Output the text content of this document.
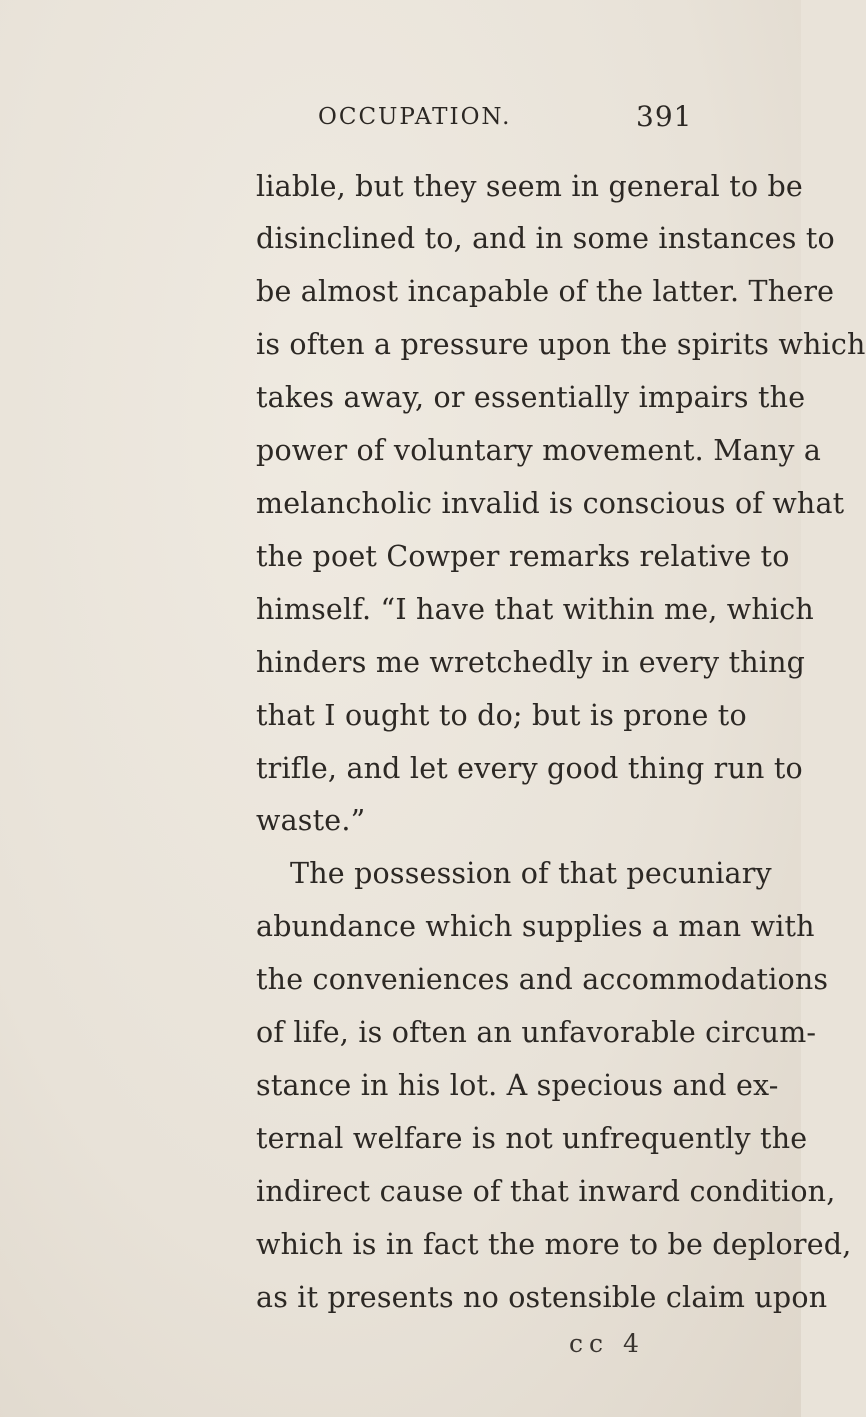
OCCUPATION.	391
liable, but they seem in general to be
disinclined to, and in some instances to
be almost incapable of the latter. There
is often a pressure upon the spirits which
takes away, or essentially impairs the
power of voluntary movement. Many a
melancholic invalid is conscious of what
the poet Cowper remarks relative to
himself. “I have that within me, which
hinders me wretchedly in every thing
that I ought to do; but is prone to
trifle, and let every good thing run to
waste.”
The possession of that pecuniary
abundance which supplies a man with
the conveniences and accommodations
of life, is often an unfavorable circum-
stance in his lot. A specious and ex-
ternal welfare is not unfrequently the
indirect cause of that inward condition,
which is in fact the more to be deplored,
as it presents no ostensible claim upon
cc 4
